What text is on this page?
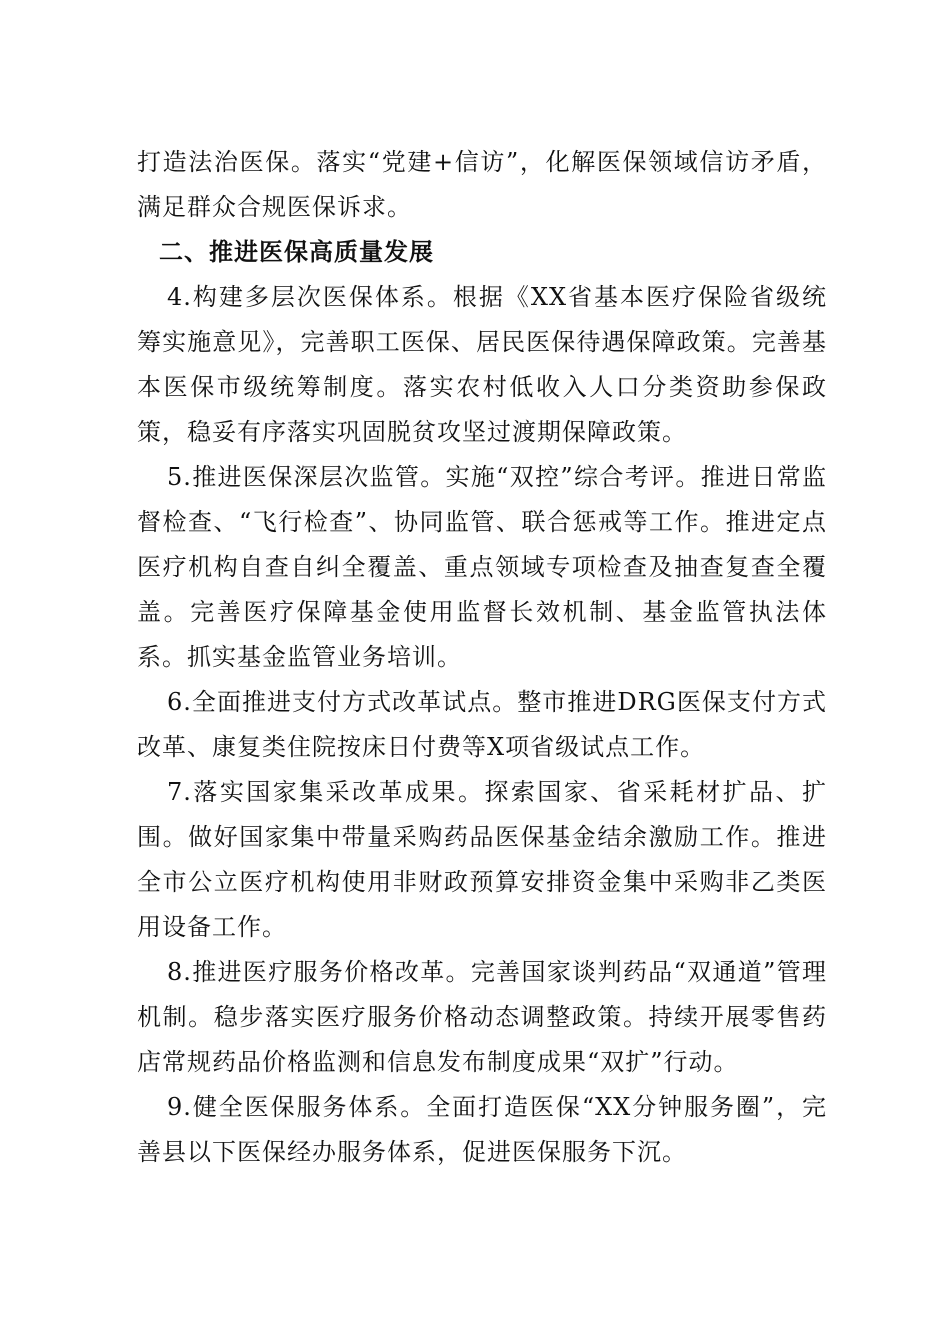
打造法治医保。落实“党建+信访”，化解医保领域信访矛盾，满足群众合规医保诉求。

二、推进医保高质量发展

4.构建多层次医保体系。根据《XX省基本医疗保险省级统筹实施意见》，完善职工医保、居民医保待遇保障政策。完善基本医保市级统筹制度。落实农村低收入人口分类资助参保政策，稳妥有序落实巩固脱贫攻坚过渡期保障政策。

5.推进医保深层次监管。实施“双控”综合考评。推进日常监督检查、“飞行检查”、协同监管、联合惩戒等工作。推进定点医疗机构自查自纠全覆盖、重点领域专项检查及抽查复查全覆盖。完善医疗保障基金使用监督长效机制、基金监管执法体系。抓实基金监管业务培训。

6.全面推进支付方式改革试点。整市推进DRG医保支付方式改革、康复类住院按床日付费等X项省级试点工作。

7.落实国家集采改革成果。探索国家、省采耗材扩品、扩围。做好国家集中带量采购药品医保基金结余激励工作。推进全市公立医疗机构使用非财政预算安排资金集中采购非乙类医用设备工作。

8.推进医疗服务价格改革。完善国家谈判药品“双通道”管理机制。稳步落实医疗服务价格动态调整政策。持续开展零售药店常规药品价格监测和信息发布制度成果“双扩”行动。

9.健全医保服务体系。全面打造医保“XX分钟服务圈”，完善县以下医保经办服务体系，促进医保服务下沉。
